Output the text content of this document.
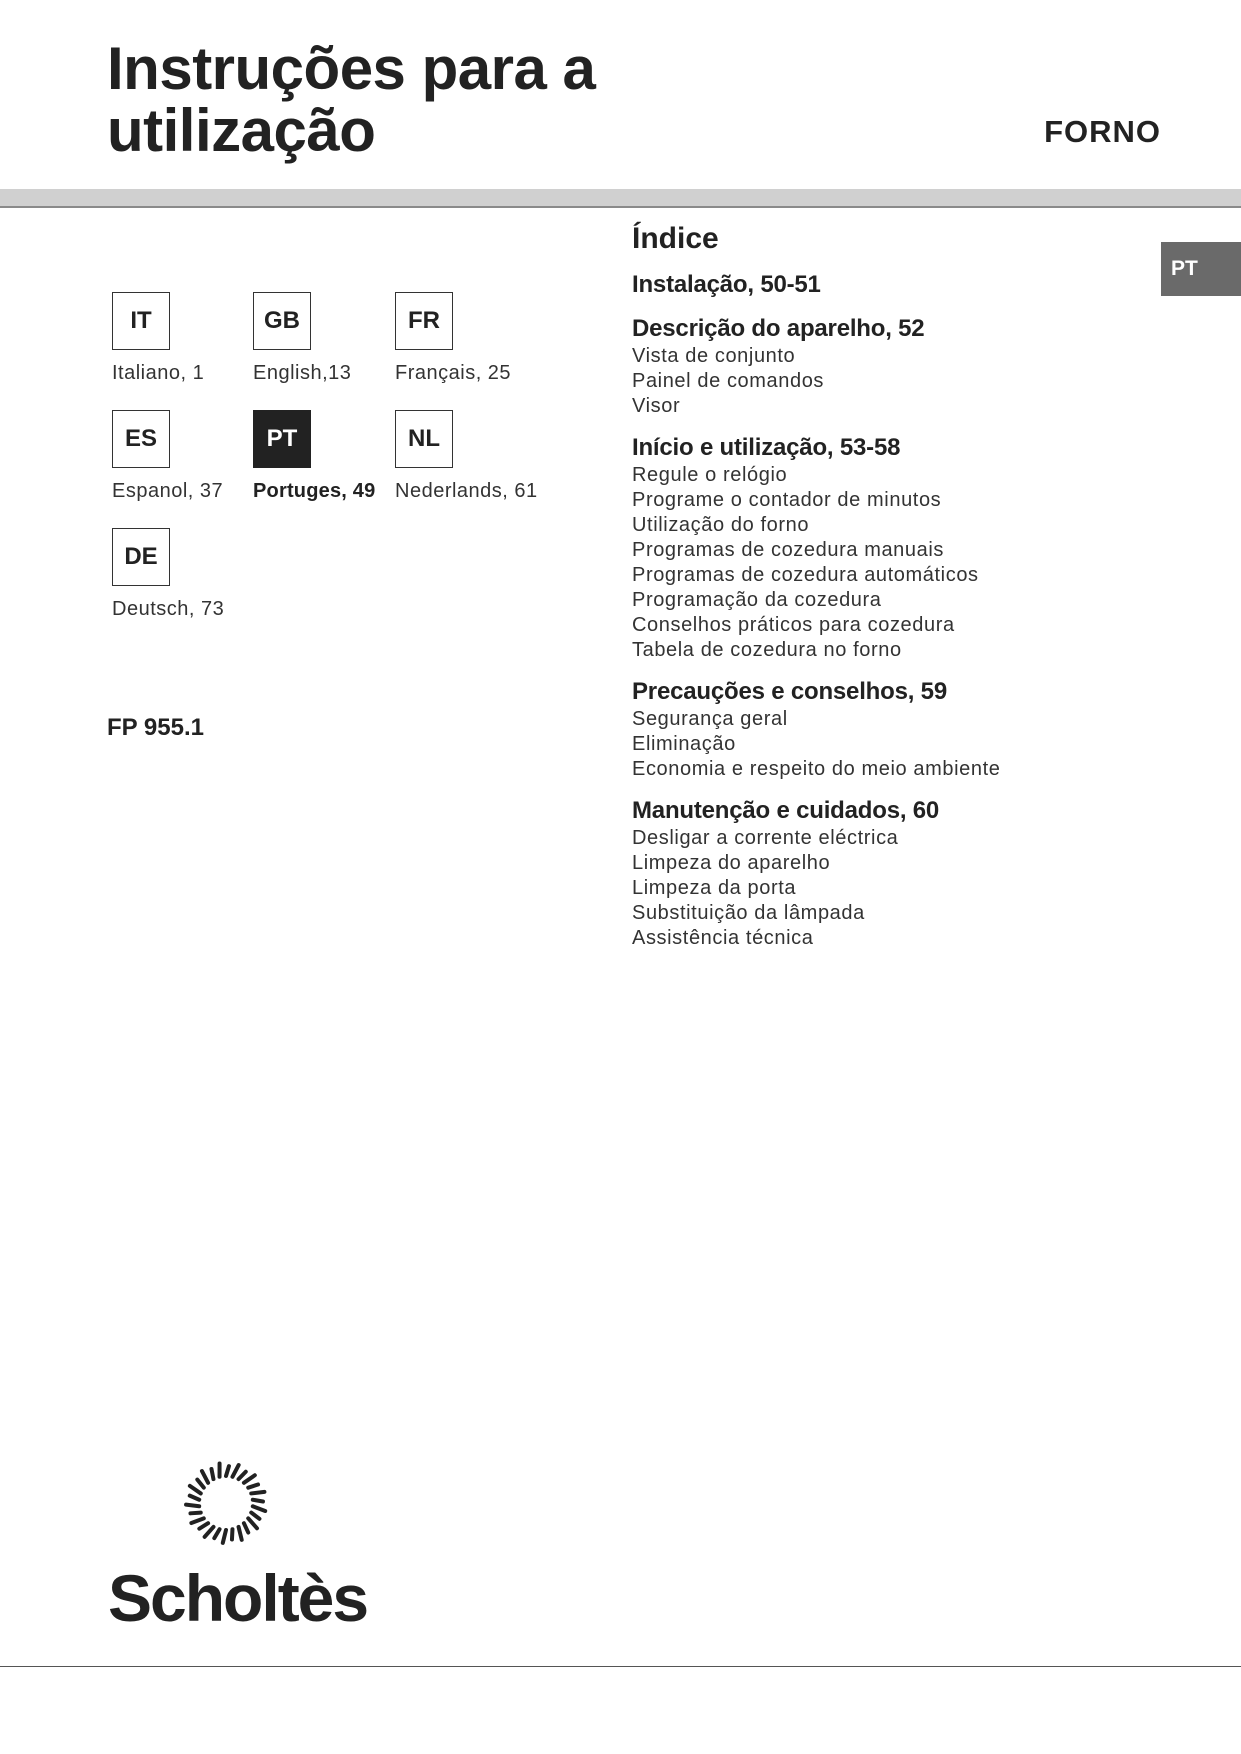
Instruções para a
utilização	FORNO
PT
IT
Italiano, 1
GB
English,13
FR
Français, 25
ES
Espanol, 37
PT
Portuges, 49
NL
Nederlands, 61
DE
Deutsch, 73
FP 955.1
Índice
Instalação, 50-51
Descrição do aparelho, 52
Vista de conjunto
Painel de comandos
Visor
Início e utilização, 53-58
Regule o relógio
Programe o contador de minutos
Utilização do forno
Programas de cozedura manuais
Programas de cozedura automáticos
Programação da cozedura
Conselhos práticos para cozedura
Tabela de cozedura no forno
Precauções e conselhos, 59
Segurança geral
Eliminação
Economia e respeito do meio ambiente
Manutenção e cuidados, 60
Desligar a corrente eléctrica
Limpeza do aparelho
Limpeza da porta
Substituição da lâmpada
Assistência técnica
Scholtès
